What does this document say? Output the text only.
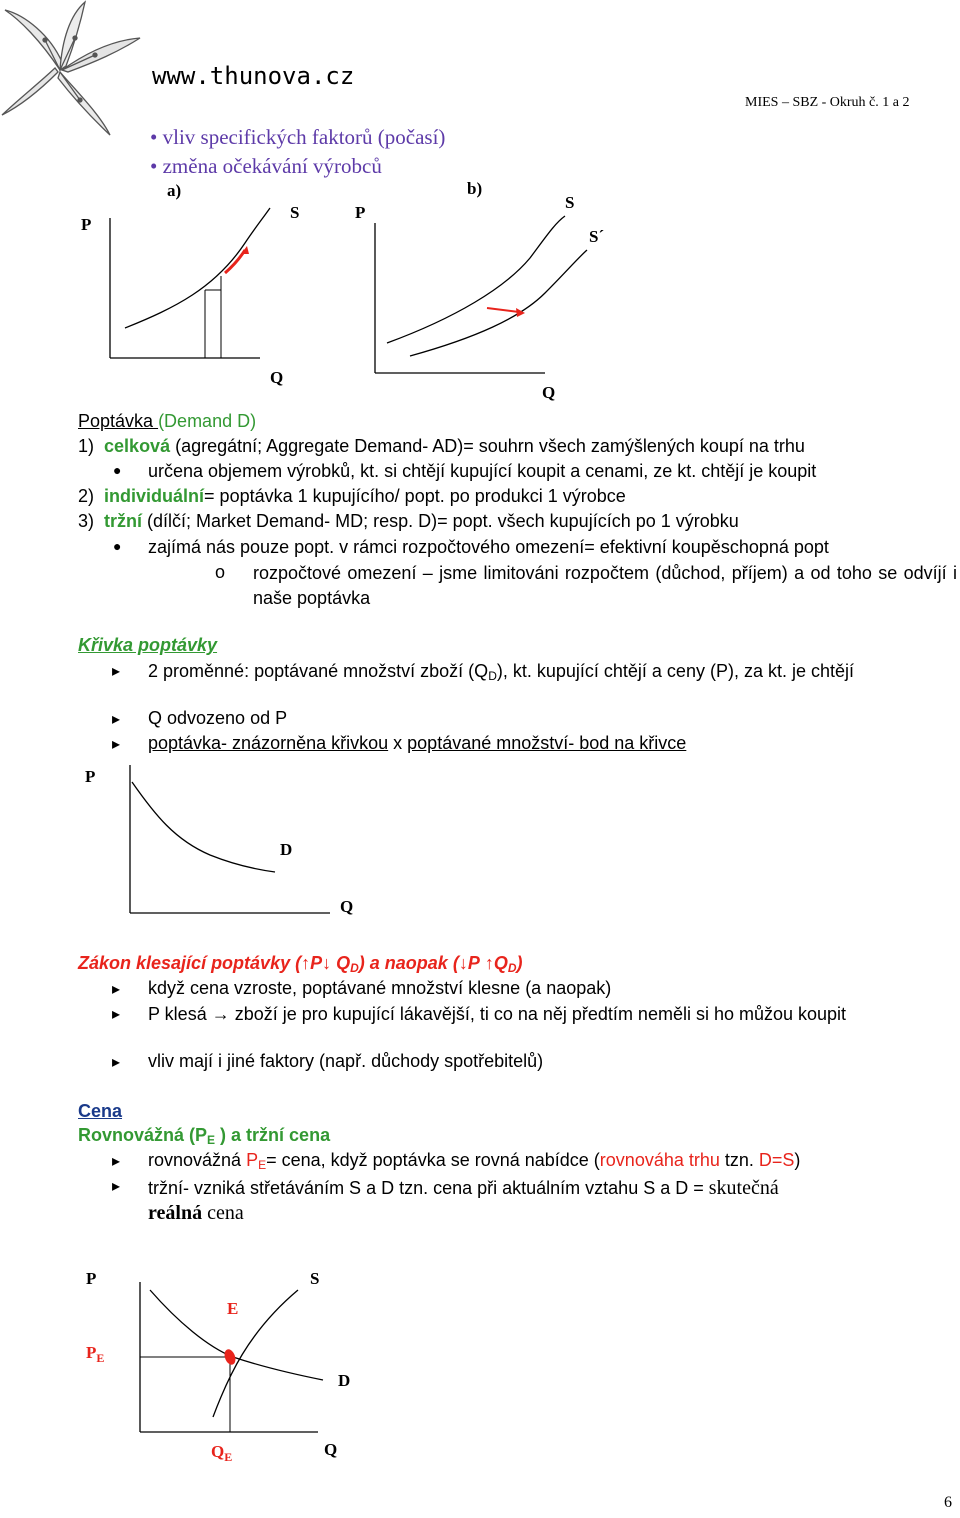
www.thunova.cz
MIES – SBZ - Okruh č. 1 a 2
• vliv specifických faktorů (počasí)
• změna očekávání výrobců
a)
P
S
Q
b)
P
S
S´
Q
Poptávka (Demand D)
1) celková (agregátní; Aggregate Demand- AD)= souhrn všech zamýšlených koupí na trhu
● určena objemem výrobků, kt. si chtějí kupující koupit a cenami, ze kt. chtějí je koupit
2) individuální= poptávka 1 kupujícího/ popt. po produkci 1 výrobce
3) tržní (dílčí; Market Demand- MD; resp. D)= popt. všech kupujících po 1 výrobku
● zajímá nás pouze popt. v rámci rozpočtového omezení= efektivní koupěschopná popt
o rozpočtové omezení – jsme limitováni rozpočtem (důchod, příjem) a od toho se odvíjí i naše poptávka
Křivka poptávky
▸ 2 proměnné: poptávané množství zboží $(Q_D)$, kt. kupující chtějí a ceny (P), za kt. je chtějí
▸ Q odvozeno od P
▸ poptávka- znázorněna křivkou x poptávané množství- bod na křivce
P
D
Q
Zákon klesající poptávky (↑P↓ $Q_D$) a naopak (↓P $↑Q_D$)
▸ když cena vzroste, poptávané množství klesne (a naopak)
▸ P klesá → zboží je pro kupující lákavější, ti co na něj předtím neměli si ho můžou koupit
▸ vliv mají i jiné faktory (např. důchody spotřebitelů)
Cena
Rovnovážná ($P_E$ ) a tržní cena
▸ rovnovážná $P_E=$ cena, když poptávka se rovná nabídce (rovnováha trhu tzn. D=S)
▸ tržní- vzniká střetáváním S a D tzn. cena při aktuálním vztahu S a D = skutečná
reálná cena
P	S
E
$P_E$
D
$Q_E$	Q
6
